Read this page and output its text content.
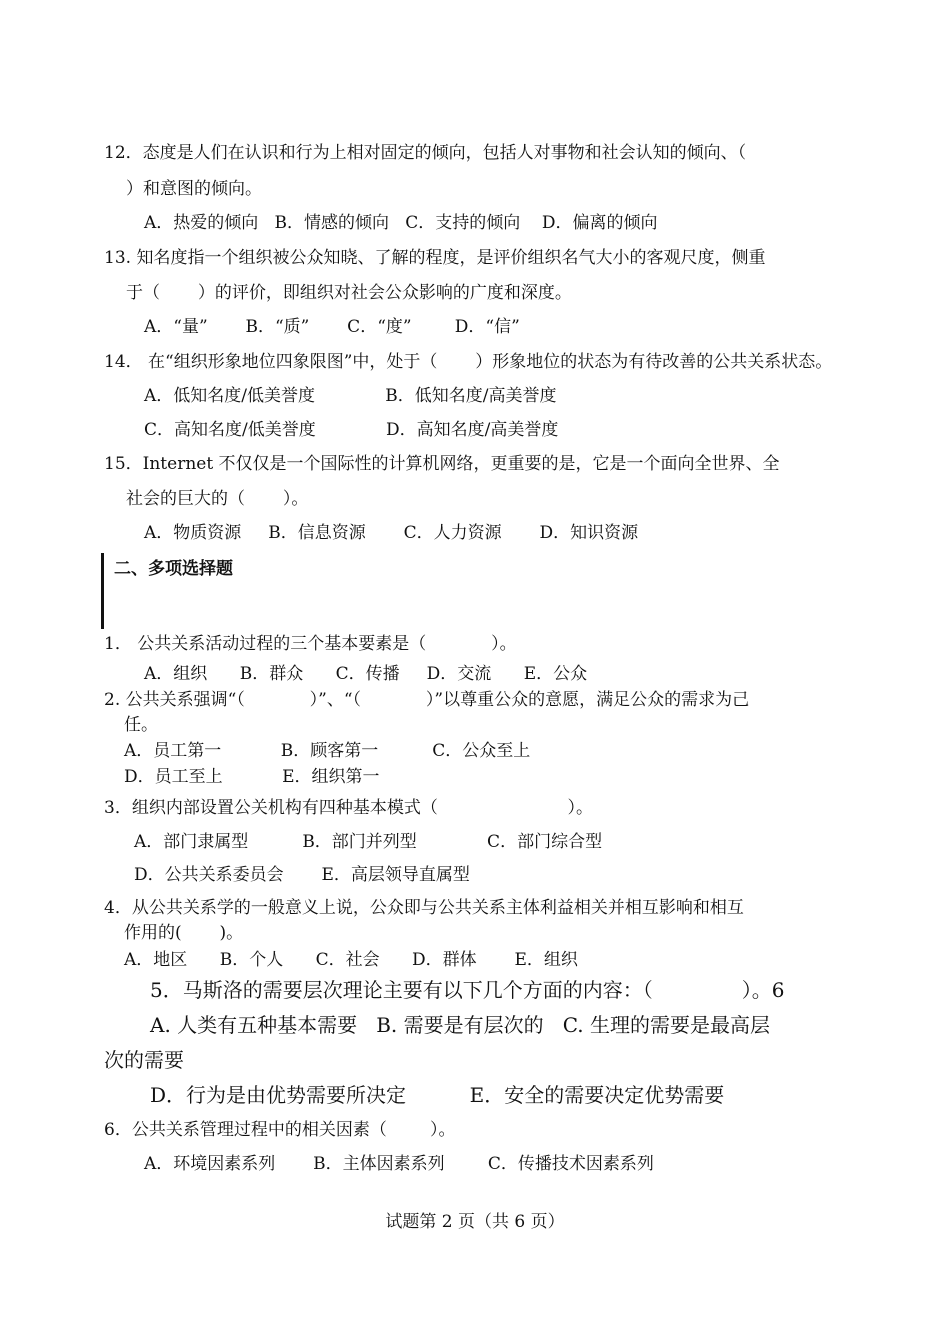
12．态度是人们在认识和行为上相对固定的倾向，包括人对事物和社会认知的倾向、（
）和意图的倾向。
A．热爱的倾向   B．情感的倾向   C．支持的倾向    D．偏离的倾向
13. 知名度指一个组织被公众知晓、了解的程度，是评价组织名气大小的客观尺度，侧重
于（       ）的评价，即组织对社会公众影响的广度和深度。
A．“量”       B．“质”       C．“度”        D．“信”
14． 在“组织形象地位四象限图”中，处于（       ）形象地位的状态为有待改善的公共关系状态。
A．低知名度/低美誉度             B．低知名度/高美誉度
C．高知名度/低美誉度             D．高知名度/高美誉度
15．Internet 不仅仅是一个国际性的计算机网络，更重要的是，它是一个面向全世界、全
社会的巨大的（       ）。
A．物质资源     B．信息资源       C．人力资源       D．知识资源
二、多项选择题
1． 公共关系活动过程的三个基本要素是（            ）。
A．组织      B．群众      C．传播     D．交流      E．公众
2. 公共关系强调“（            ）”、“（            ）”以尊重公众的意愿，满足公众的需求为己
任。
A．员工第一           B．顾客第一          C．公众至上
D．员工至上           E．组织第一
3．组织内部设置公关机构有四种基本模式（                        ）。
A．部门隶属型          B．部门并列型             C．部门综合型
D．公共关系委员会       E．高层领导直属型
4．从公共关系学的一般意义上说，公众即与公共关系主体利益相关并相互影响和相互
作用的(       )。
A．地区      B．个人      C．社会      D．群体       E．组织
5．马斯洛的需要层次理论主要有以下几个方面的内容：（              ）。6
A. 人类有五种基本需要   B. 需要是有层次的   C. 生理的需要是最高层
次的需要
D．行为是由优势需要所决定          E．安全的需要决定优势需要
6．公共关系管理过程中的相关因素（        ）。
A．环境因素系列       B．主体因素系列        C．传播技术因素系列
试题第 2 页（共 6 页）
